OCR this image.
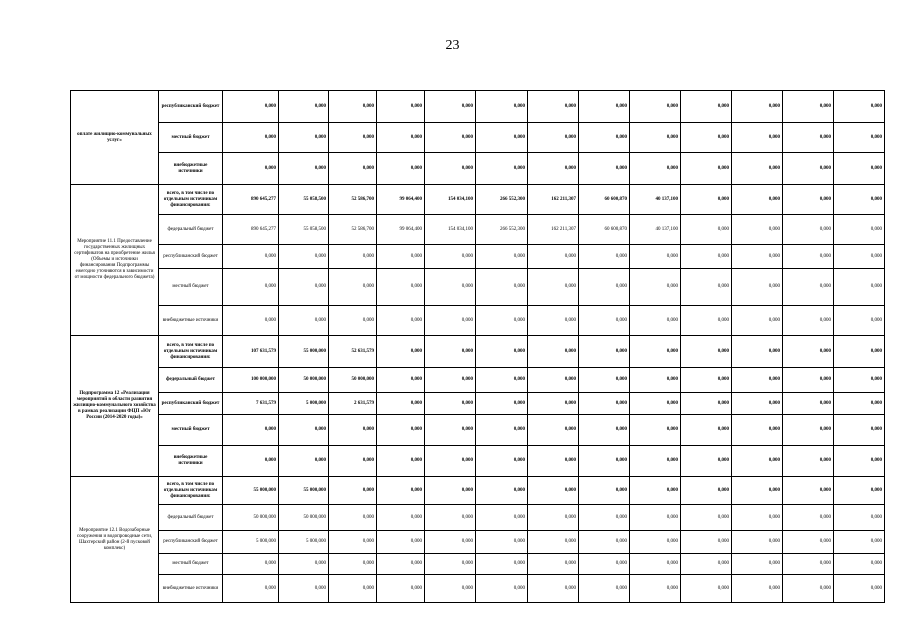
23
оплате жилищно-коммунальных услуг»	республиканский бюджет	0,000	0,000	0,000	0,000	0,000	0,000	0,000	0,000	0,000	0,000	0,000	0,000	0,000
	местный бюджет	0,000	0,000	0,000	0,000	0,000	0,000	0,000	0,000	0,000	0,000	0,000	0,000	0,000
	внебюджетные источники	0,000	0,000	0,000	0,000	0,000	0,000	0,000	0,000	0,000	0,000	0,000	0,000	0,000

Мероприятие 11.1 Предоставление государственных жилищных сертификатов на приобретение жилья (Объемы и источники финансирования Подпрограммы ежегодно уточняются в зависимости от мощности федерального бюджета)	всего, в том числе по отдельным источникам финансирования:	890 645,277	55 058,500	52 586,700	99 064,400	154 034,100	266 552,300	162 211,307	60 600,870	40 137,100	0,000	0,000	0,000	0,000
	федеральный бюджет	890 645,277	55 058,500	52 586,700	99 064,400	154 034,100	266 552,300	162 211,307	60 600,870	40 137,100	0,000	0,000	0,000	0,000
	республиканский бюджет	0,000	0,000	0,000	0,000	0,000	0,000	0,000	0,000	0,000	0,000	0,000	0,000	0,000
	местный бюджет	0,000	0,000	0,000	0,000	0,000	0,000	0,000	0,000	0,000	0,000	0,000	0,000	0,000
	внебюджетные источники	0,000	0,000	0,000	0,000	0,000	0,000	0,000	0,000	0,000	0,000	0,000	0,000	0,000

Подпрограмма 12 «Реализация мероприятий в области развития жилищно-коммунального хозяйства в рамках реализации ФЦП «Юг России (2014-2020 годы)»	всего, в том числе по отдельным источникам финансирования:	107 631,579	55 000,000	52 631,579	0,000	0,000	0,000	0,000	0,000	0,000	0,000	0,000	0,000	0,000
	федеральный бюджет	100 000,000	50 000,000	50 000,000	0,000	0,000	0,000	0,000	0,000	0,000	0,000	0,000	0,000	0,000
	республиканский бюджет	7 631,579	5 000,000	2 631,579	0,000	0,000	0,000	0,000	0,000	0,000	0,000	0,000	0,000	0,000
	местный бюджет	0,000	0,000	0,000	0,000	0,000	0,000	0,000	0,000	0,000	0,000	0,000	0,000	0,000
	внебюджетные источники	0,000	0,000	0,000	0,000	0,000	0,000	0,000	0,000	0,000	0,000	0,000	0,000	0,000

Мероприятие 12.1 Водозаборные сооружения и водопроводные сети, Шахтерский район (2-й пусковой комплекс)	всего, в том числе по отдельным источникам финансирования:	55 000,000	55 000,000	0,000	0,000	0,000	0,000	0,000	0,000	0,000	0,000	0,000	0,000	0,000
	федеральный бюджет	50 000,000	50 000,000	0,000	0,000	0,000	0,000	0,000	0,000	0,000	0,000	0,000	0,000	0,000
	республиканский бюджет	5 000,000	5 000,000	0,000	0,000	0,000	0,000	0,000	0,000	0,000	0,000	0,000	0,000	0,000
	местный бюджет	0,000	0,000	0,000	0,000	0,000	0,000	0,000	0,000	0,000	0,000	0,000	0,000	0,000
	внебюджетные источники	0,000	0,000	0,000	0,000	0,000	0,000	0,000	0,000	0,000	0,000	0,000	0,000	0,000
